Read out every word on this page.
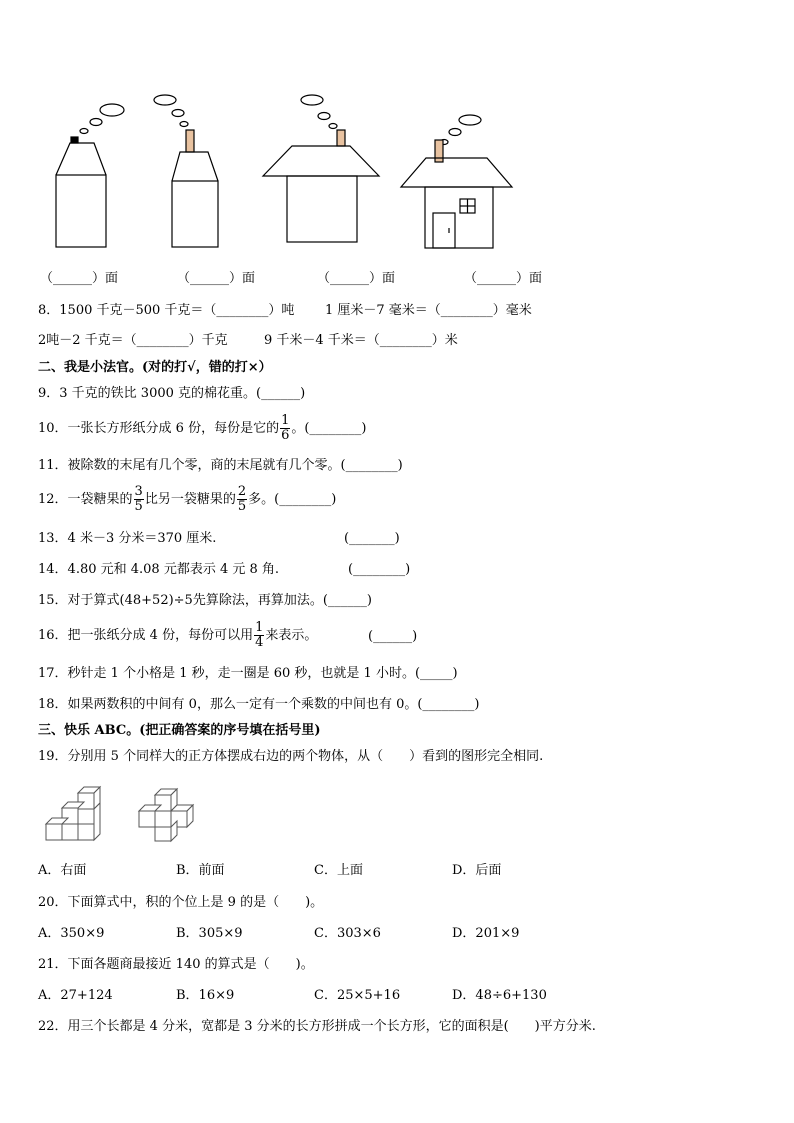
（______）面	（______）面	（______）面	（______）面
8．1500 千克－500 千克＝（________）吨 1 厘米－7 毫米＝（________）毫米
2吨－2 千克＝（________）千克	9 千米－4 千米＝（________）米
二、我是小法官。(对的打√，错的打×）
9．3 千克的铁比 3000 克的棉花重。(______)
10．一张长方形纸分成 6 份，每份是它的 $\frac{1}{6}$ 。(________)
11．被除数的末尾有几个零，商的末尾就有几个零。(________)
12．一袋糖果的 $\frac{3}{5}$ 比另一袋糖果的 $\frac{2}{5}$ 多。(________)
13．4 米－3 分米＝370 厘米.	(_______)
14．4.80 元和 4.08 元都表示 4 元 8 角.	(________)
15．对于算式(48+52)÷5先算除法，再算加法。(______)
16．把一张纸分成 4 份，每份可以用 $\frac{1}{4}$ 来表示。	(______)
17．秒针走 1 个小格是 1 秒，走一圈是 60 秒，也就是 1 小时。(_____)
18．如果两数积的中间有 0，那么一定有一个乘数的中间也有 0。(________)
三、快乐 ABC。(把正确答案的序号填在括号里)
19．分别用 5 个同样大的正方体摆成右边的两个物体，从（　　）看到的图形完全相同.
A．右面	B．前面	C．上面	D．后面
20．下面算式中，积的个位上是 9 的是（　　)。
A．350×9	B．305×9	C．303×6	D．201×9
21．下面各题商最接近 140 的算式是（　　)。
A．27+124	B．16×9	C．25×5+16	D．48÷6+130
22．用三个长都是 4 分米，宽都是 3 分米的长方形拼成一个长方形，它的面积是(　　)平方分米.
